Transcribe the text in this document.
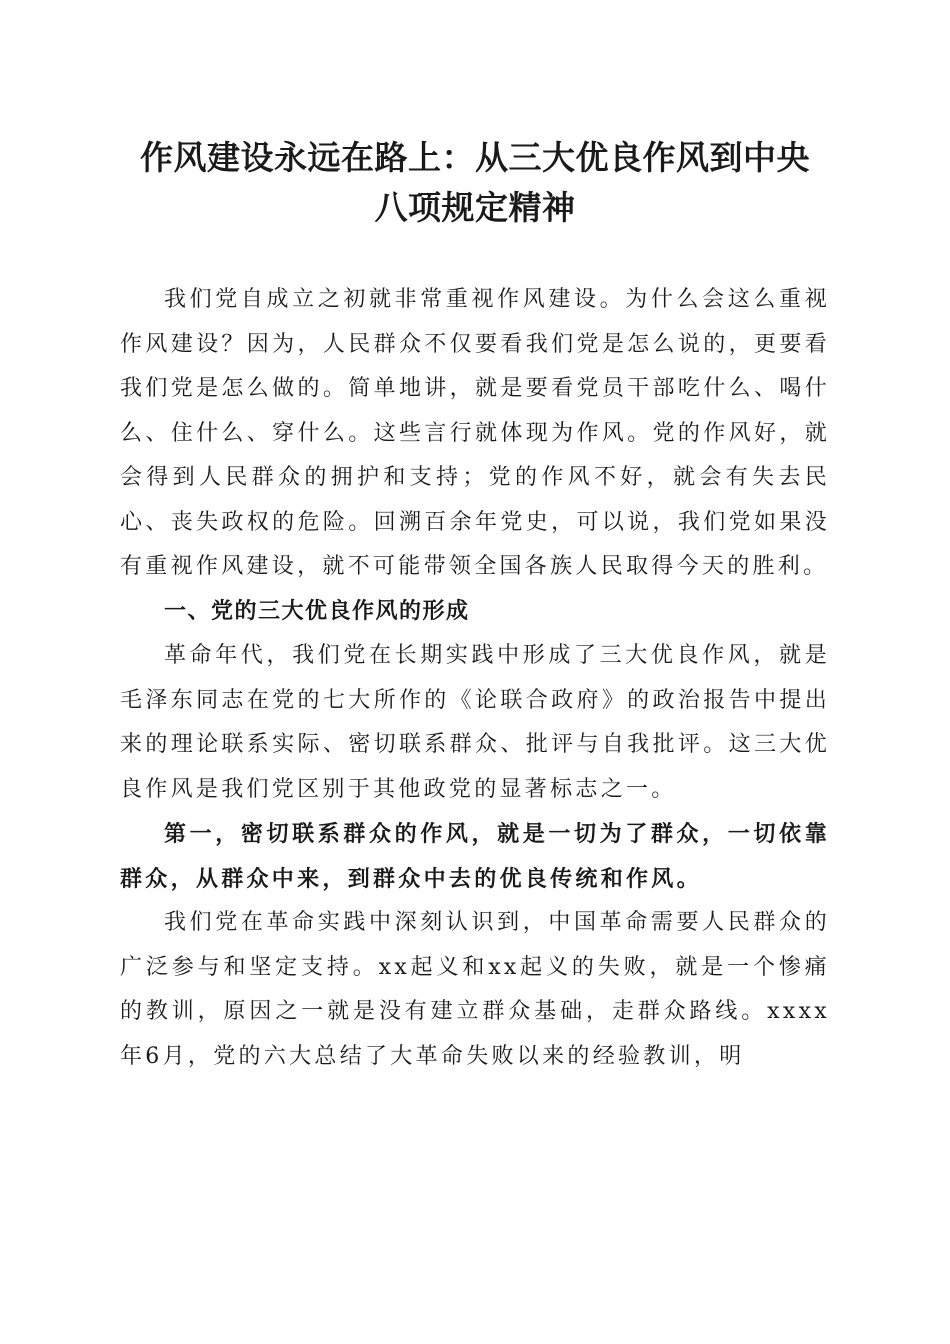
作风建设永远在路上：从三大优良作风到中央
八项规定精神

我们党自成立之初就非常重视作风建设。为什么会这么重视作风建设？因为，人民群众不仅要看我们党是怎么说的，更要看我们党是怎么做的。简单地讲，就是要看党员干部吃什么、喝什么、住什么、穿什么。这些言行就体现为作风。党的作风好，就会得到人民群众的拥护和支持；党的作风不好，就会有失去民心、丧失政权的危险。回溯百余年党史，可以说，我们党如果没有重视作风建设，就不可能带领全国各族人民取得今天的胜利。

一、党的三大优良作风的形成

革命年代，我们党在长期实践中形成了三大优良作风，就是毛泽东同志在党的七大所作的《论联合政府》的政治报告中提出来的理论联系实际、密切联系群众、批评与自我批评。这三大优良作风是我们党区别于其他政党的显著标志之一。

第一，密切联系群众的作风，就是一切为了群众，一切依靠群众，从群众中来，到群众中去的优良传统和作风。

我们党在革命实践中深刻认识到，中国革命需要人民群众的广泛参与和坚定支持。xx起义和xx起义的失败，就是一个惨痛的教训，原因之一就是没有建立群众基础，走群众路线。xxxx年6月，党的六大总结了大革命失败以来的经验教训，明
